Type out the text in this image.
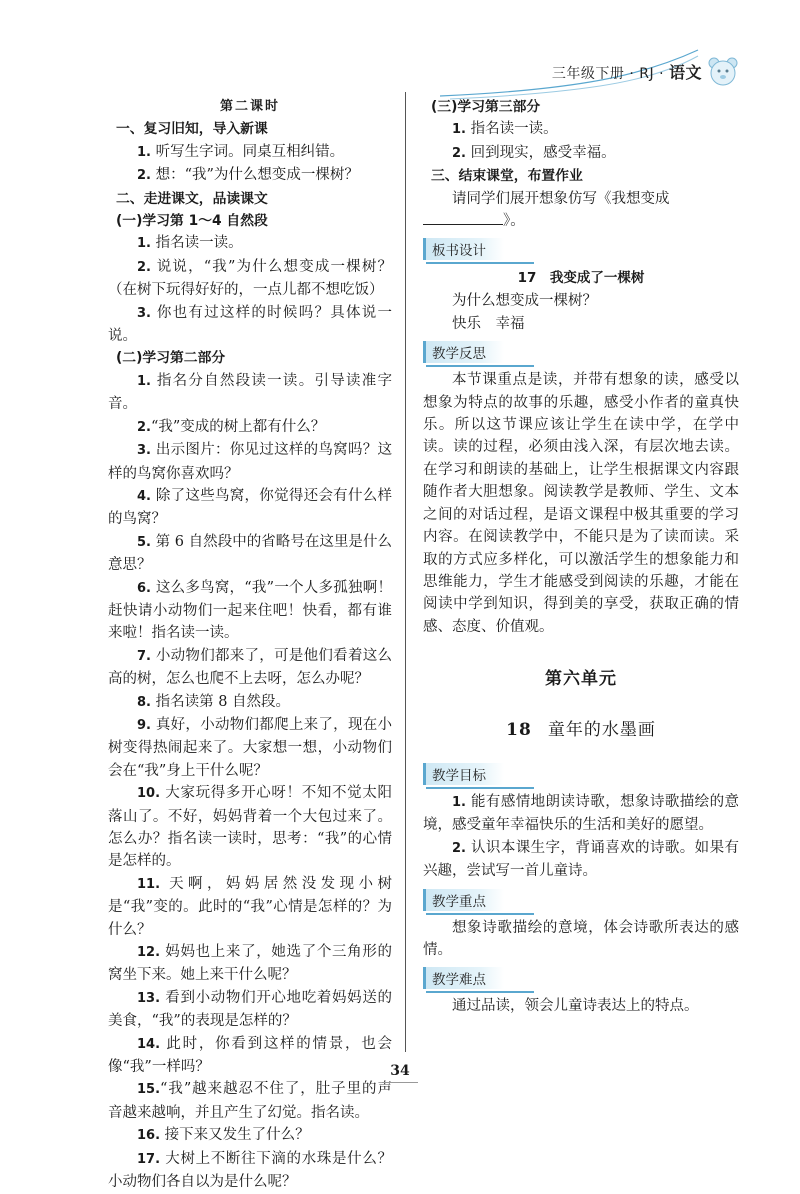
三年级下册 · RJ · 语文

第二课时

一、复习旧知，导入新课

1. 听写生字词。同桌互相纠错。

2. 想：“我”为什么想变成一棵树？

二、走进课文，品读课文

(一)学习第 1～4 自然段

1. 指名读一读。

2. 说说，“我”为什么想变成一棵树？（在树下玩得好好的，一点儿都不想吃饭）

3. 你也有过这样的时候吗？具体说一说。

(二)学习第二部分

1. 指名分自然段读一读。引导读准字音。

2.“我”变成的树上都有什么？

3. 出示图片：你见过这样的鸟窝吗？这样的鸟窝你喜欢吗？

4. 除了这些鸟窝，你觉得还会有什么样的鸟窝？

5. 第 6 自然段中的省略号在这里是什么意思？

6. 这么多鸟窝，“我”一个人多孤独啊！赶快请小动物们一起来住吧！快看，都有谁来啦！指名读一读。

7. 小动物们都来了，可是他们看着这么高的树，怎么也爬不上去呀，怎么办呢？

8. 指名读第 8 自然段。

9. 真好，小动物们都爬上来了，现在小树变得热闹起来了。大家想一想，小动物们会在“我”身上干什么呢？

10. 大家玩得多开心呀！不知不觉太阳落山了。不好，妈妈背着一个大包过来了。怎么办？指名读一读时，思考：“我”的心情是怎样的。

11. 天啊，妈妈居然没发现小树是“我”变的。此时的“我”心情是怎样的？为什么？

12. 妈妈也上来了，她选了个三角形的窝坐下来。她上来干什么呢？

13. 看到小动物们开心地吃着妈妈送的美食，“我”的表现是怎样的？

14. 此时，你看到这样的情景，也会像“我”一样吗？

15.“我”越来越忍不住了，肚子里的声音越来越响，并且产生了幻觉。指名读。

16. 接下来又发生了什么？

17. 大树上不断往下滴的水珠是什么？小动物们各自以为是什么呢？

(三)学习第三部分

1. 指名读一读。

2. 回到现实，感受幸福。

三、结束课堂，布置作业

请同学们展开想象仿写《我想变成

》。

板书设计

17　我变成了一棵树

为什么想变成一棵树？

快乐　幸福

教学反思

本节课重点是读，并带有想象的读，感受以想象为特点的故事的乐趣，感受小作者的童真快乐。所以这节课应该让学生在读中学，在学中读。读的过程，必须由浅入深，有层次地去读。在学习和朗读的基础上，让学生根据课文内容跟随作者大胆想象。阅读教学是教师、学生、文本之间的对话过程，是语文课程中极其重要的学习内容。在阅读教学中，不能只是为了读而读。采取的方式应多样化，可以激活学生的想象能力和思维能力，学生才能感受到阅读的乐趣，才能在阅读中学到知识，得到美的享受，获取正确的情感、态度、价值观。

第六单元

18 童年的水墨画

教学目标

1. 能有感情地朗读诗歌，想象诗歌描绘的意境，感受童年幸福快乐的生活和美好的愿望。

2. 认识本课生字，背诵喜欢的诗歌。如果有兴趣，尝试写一首儿童诗。

教学重点

想象诗歌描绘的意境，体会诗歌所表达的感情。

教学难点

通过品读，领会儿童诗表达上的特点。

34
